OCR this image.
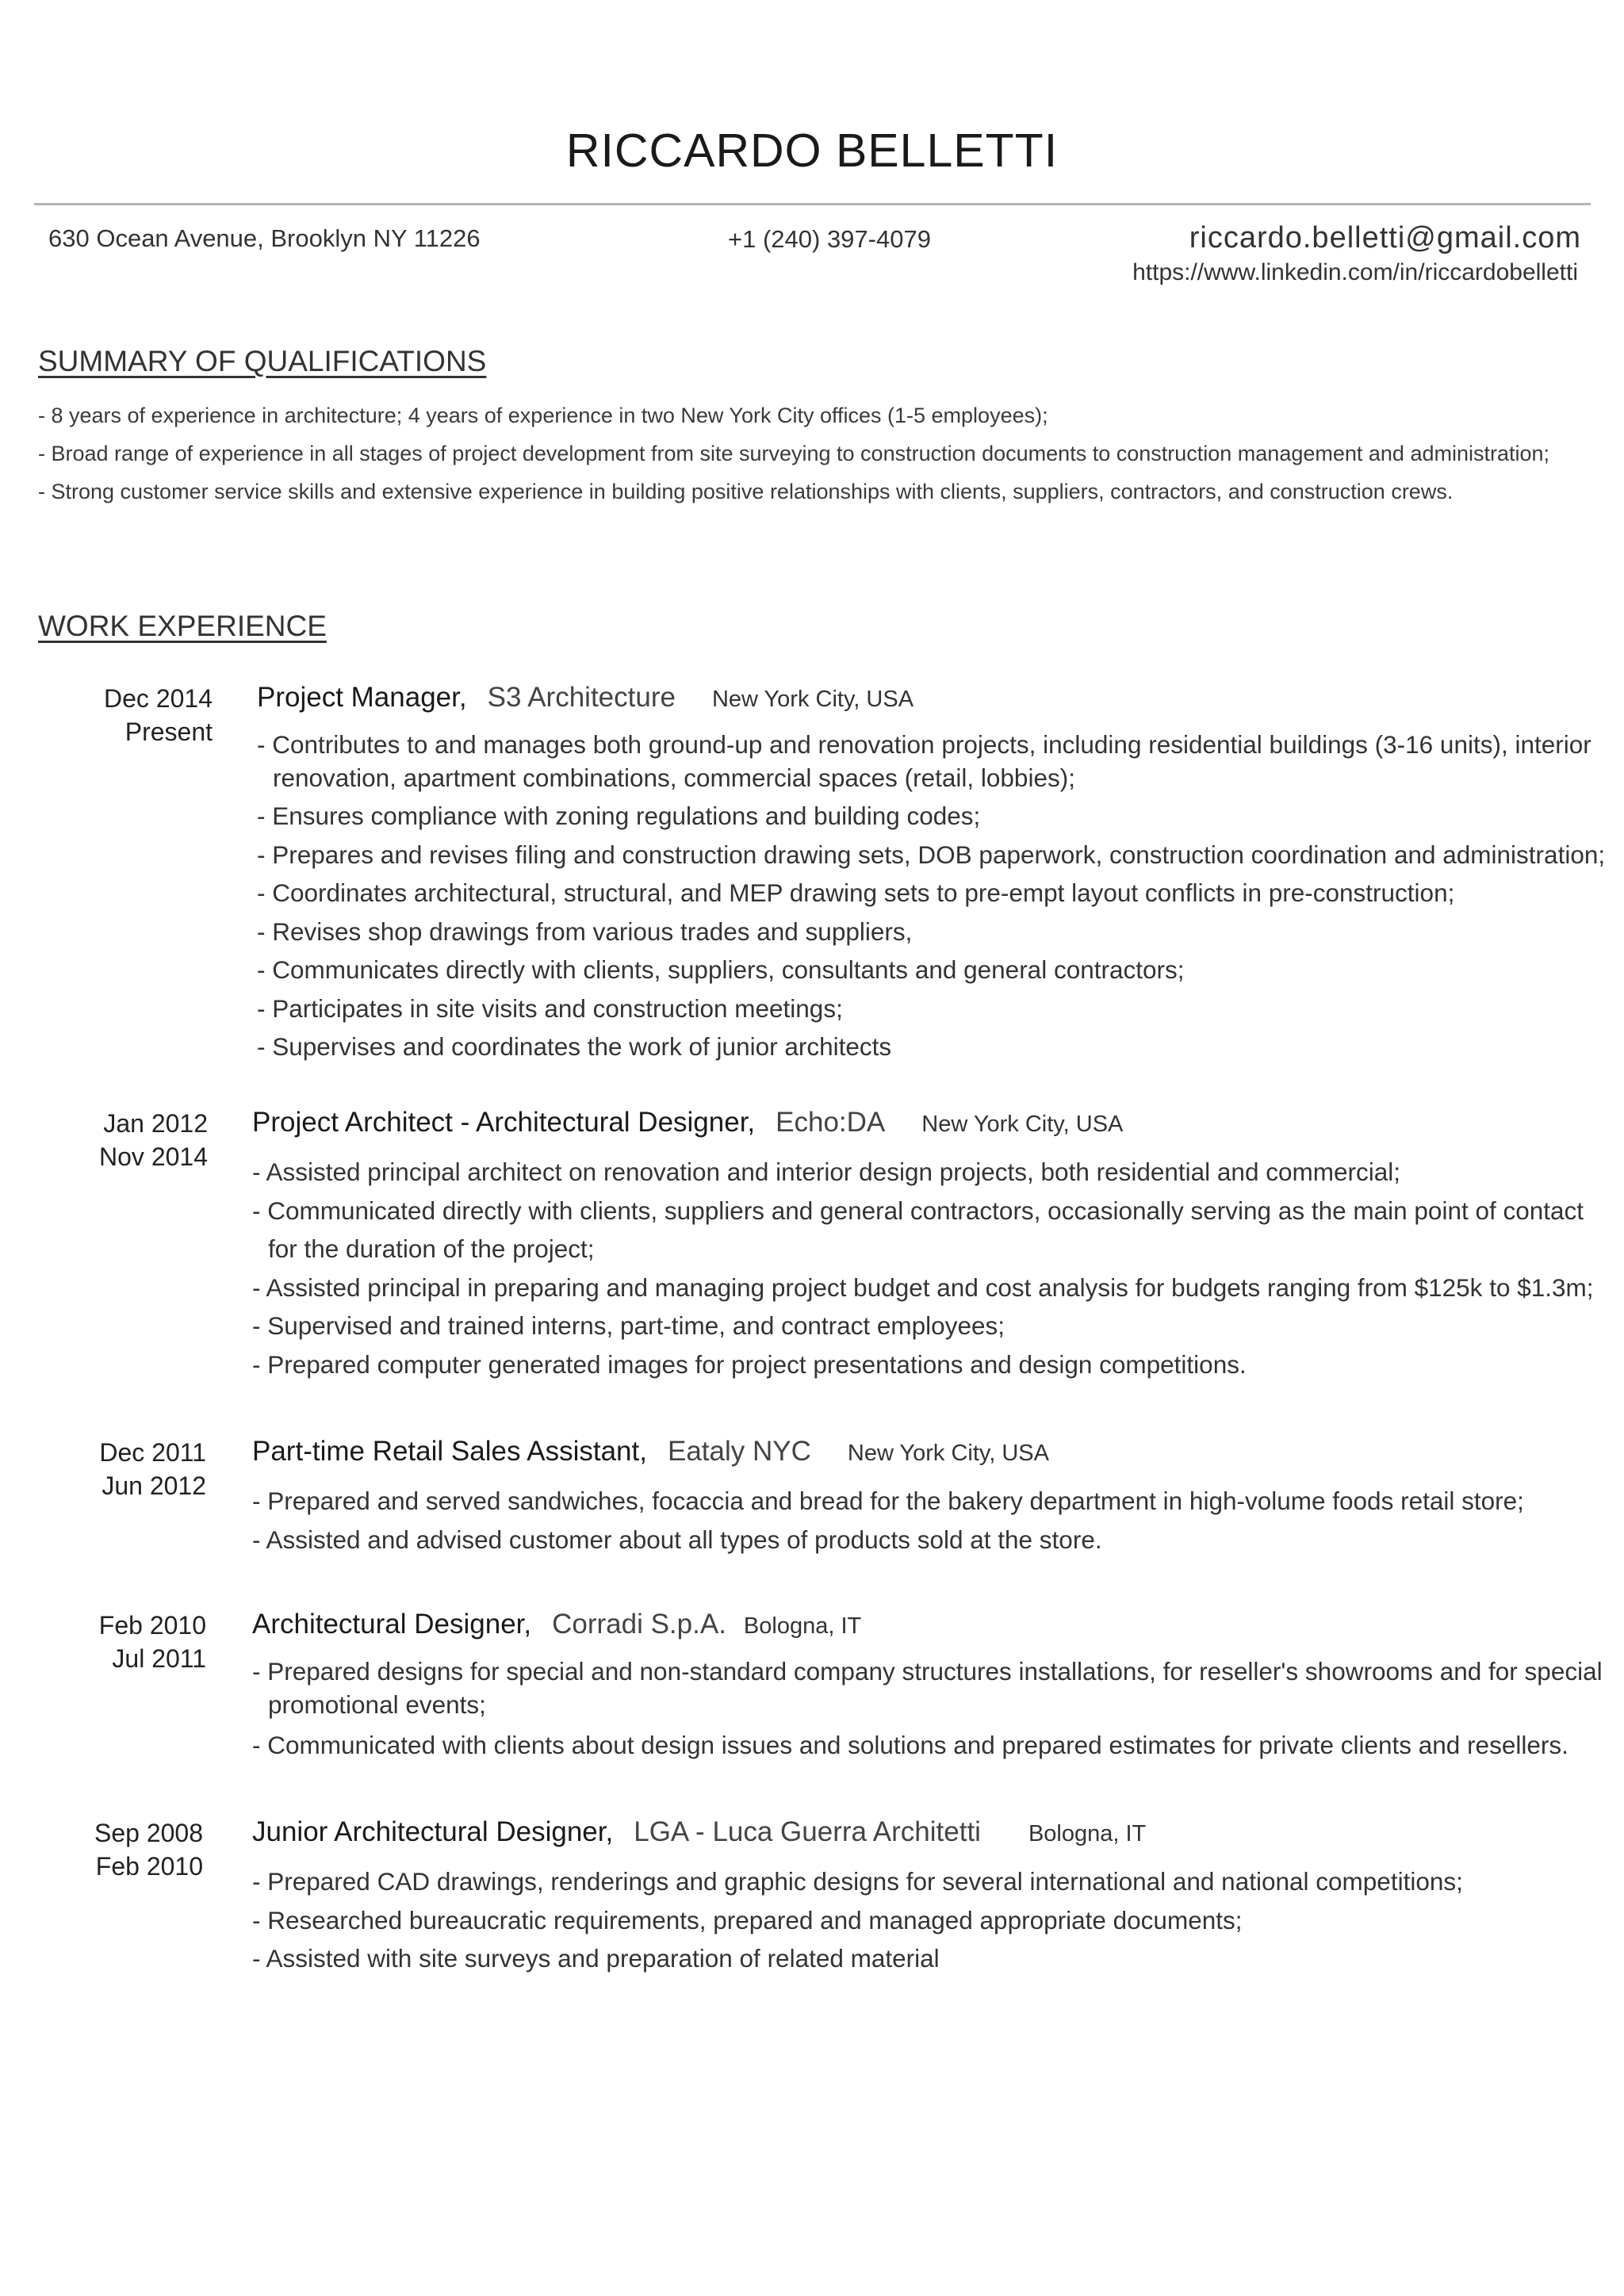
RICCARDO BELLETTI
630 Ocean Avenue, Brooklyn NY 11226	+1 (240) 397-4079	riccardo.belletti@gmail.com
https://www.linkedin.com/in/riccardobelletti
SUMMARY OF QUALIFICATIONS
- 8 years of experience in architecture; 4 years of experience in two New York City offices (1-5 employees);
- Broad range of experience in all stages of project development from site surveying to construction documents to construction management and administration;
- Strong customer service skills and extensive experience in building positive relationships with clients, suppliers, contractors, and construction crews.
WORK EXPERIENCE
Dec 2014
Present
Project Manager, S3 Architecture New York City, USA
- Contributes to and manages both ground-up and renovation projects, including residential buildings (3-16 units), interior renovation, apartment combinations, commercial spaces (retail, lobbies);
- Ensures compliance with zoning regulations and building codes;
- Prepares and revises filing and construction drawing sets, DOB paperwork, construction coordination and administration;
- Coordinates architectural, structural, and MEP drawing sets to pre-empt layout conflicts in pre-construction;
- Revises shop drawings from various trades and suppliers,
- Communicates directly with clients, suppliers, consultants and general contractors;
- Participates in site visits and construction meetings;
- Supervises and coordinates the work of junior architects
Jan 2012
Nov 2014
Project Architect - Architectural Designer, Echo:DA New York City, USA
- Assisted principal architect on renovation and interior design projects, both residential and commercial;
- Communicated directly with clients, suppliers and general contractors, occasionally serving as the main point of contact for the duration of the project;
- Assisted principal in preparing and managing project budget and cost analysis for budgets ranging from $125k to $1.3m;
- Supervised and trained interns, part-time, and contract employees;
- Prepared computer generated images for project presentations and design competitions.
Dec 2011
Jun 2012
Part-time Retail Sales Assistant, Eataly NYC New York City, USA
- Prepared and served sandwiches, focaccia and bread for the bakery department in high-volume foods retail store;
- Assisted and advised customer about all types of products sold at the store.
Feb 2010
Jul 2011
Architectural Designer, Corradi S.p.A. Bologna, IT
- Prepared designs for special and non-standard company structures installations, for reseller's showrooms and for special promotional events;
- Communicated with clients about design issues and solutions and prepared estimates for private clients and resellers.
Sep 2008
Feb 2010
Junior Architectural Designer, LGA - Luca Guerra Architetti Bologna, IT
- Prepared CAD drawings, renderings and graphic designs for several international and national competitions;
- Researched bureaucratic requirements, prepared and managed appropriate documents;
- Assisted with site surveys and preparation of related material
